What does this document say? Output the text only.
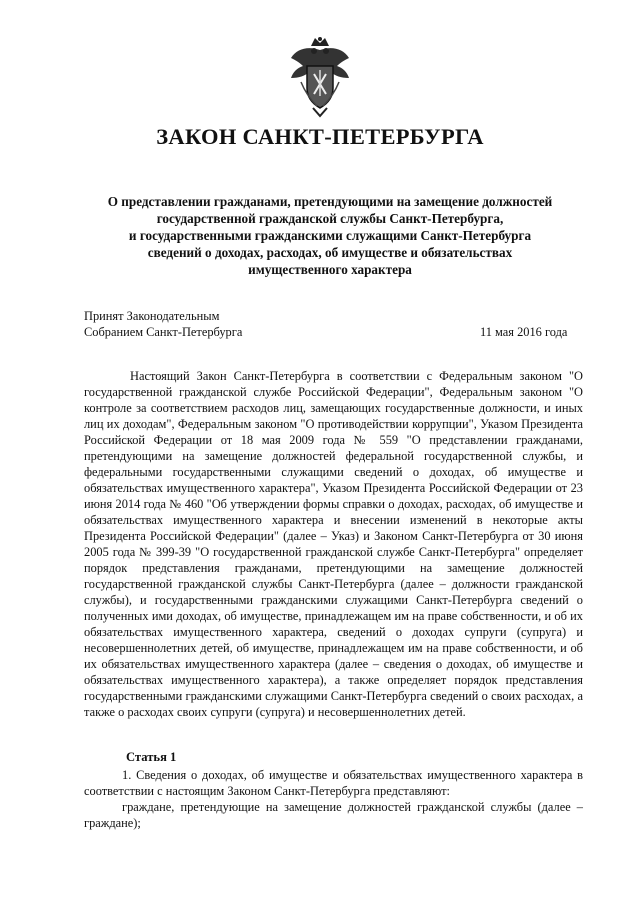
ЗАКОН САНКТ-ПЕТЕРБУРГА
О представлении гражданами, претендующими на замещение должностей
государственной гражданской службы Санкт-Петербурга,
и государственными гражданскими служащими Санкт-Петербурга
сведений о доходах, расходах, об имуществе и обязательствах
имущественного характера
Принят Законодательным
Собранием Санкт-Петербурга	11 мая 2016 года

Настоящий Закон Санкт-Петербурга в соответствии с Федеральным законом "О государственной гражданской службе Российской Федерации", Федеральным законом "О контроле за соответствием расходов лиц, замещающих государственные должности, и иных лиц их доходам", Федеральным законом "О противодействии коррупции", Указом Президента Российской Федерации от 18 мая 2009 года № 559 "О представлении гражданами, претендующими на замещение должностей федеральной государственной службы, и федеральными государственными служащими сведений о доходах, об имуществе и обязательствах имущественного характера", Указом Президента Российской Федерации от 23 июня 2014 года № 460 "Об утверждении формы справки о доходах, расходах, об имуществе и обязательствах имущественного характера и внесении изменений в некоторые акты Президента Российской Федерации" (далее – Указ) и Законом Санкт-Петербурга от 30 июня 2005 года № 399-39 "О государственной гражданской службе Санкт-Петербурга" определяет порядок представления гражданами, претендующими на замещение должностей государственной гражданской службы Санкт-Петербурга (далее – должности гражданской службы), и государственными гражданскими служащими Санкт-Петербурга сведений о полученных ими доходах, об имуществе, принадлежащем им на праве собственности, и об их обязательствах имущественного характера, сведений о доходах супруги (супруга) и несовершеннолетних детей, об имуществе, принадлежащем им на праве собственности, и об их обязательствах имущественного характера (далее – сведения о доходах, об имуществе и обязательствах имущественного характера), а также определяет порядок представления государственными гражданскими служащими Санкт-Петербурга сведений о своих расходах, а также о расходах своих супруги (супруга) и несовершеннолетних детей.

Статья 1

1. Сведения о доходах, об имуществе и обязательствах имущественного характера в соответствии с настоящим Законом Санкт-Петербурга представляют:

граждане, претендующие на замещение должностей гражданской службы (далее – граждане);
